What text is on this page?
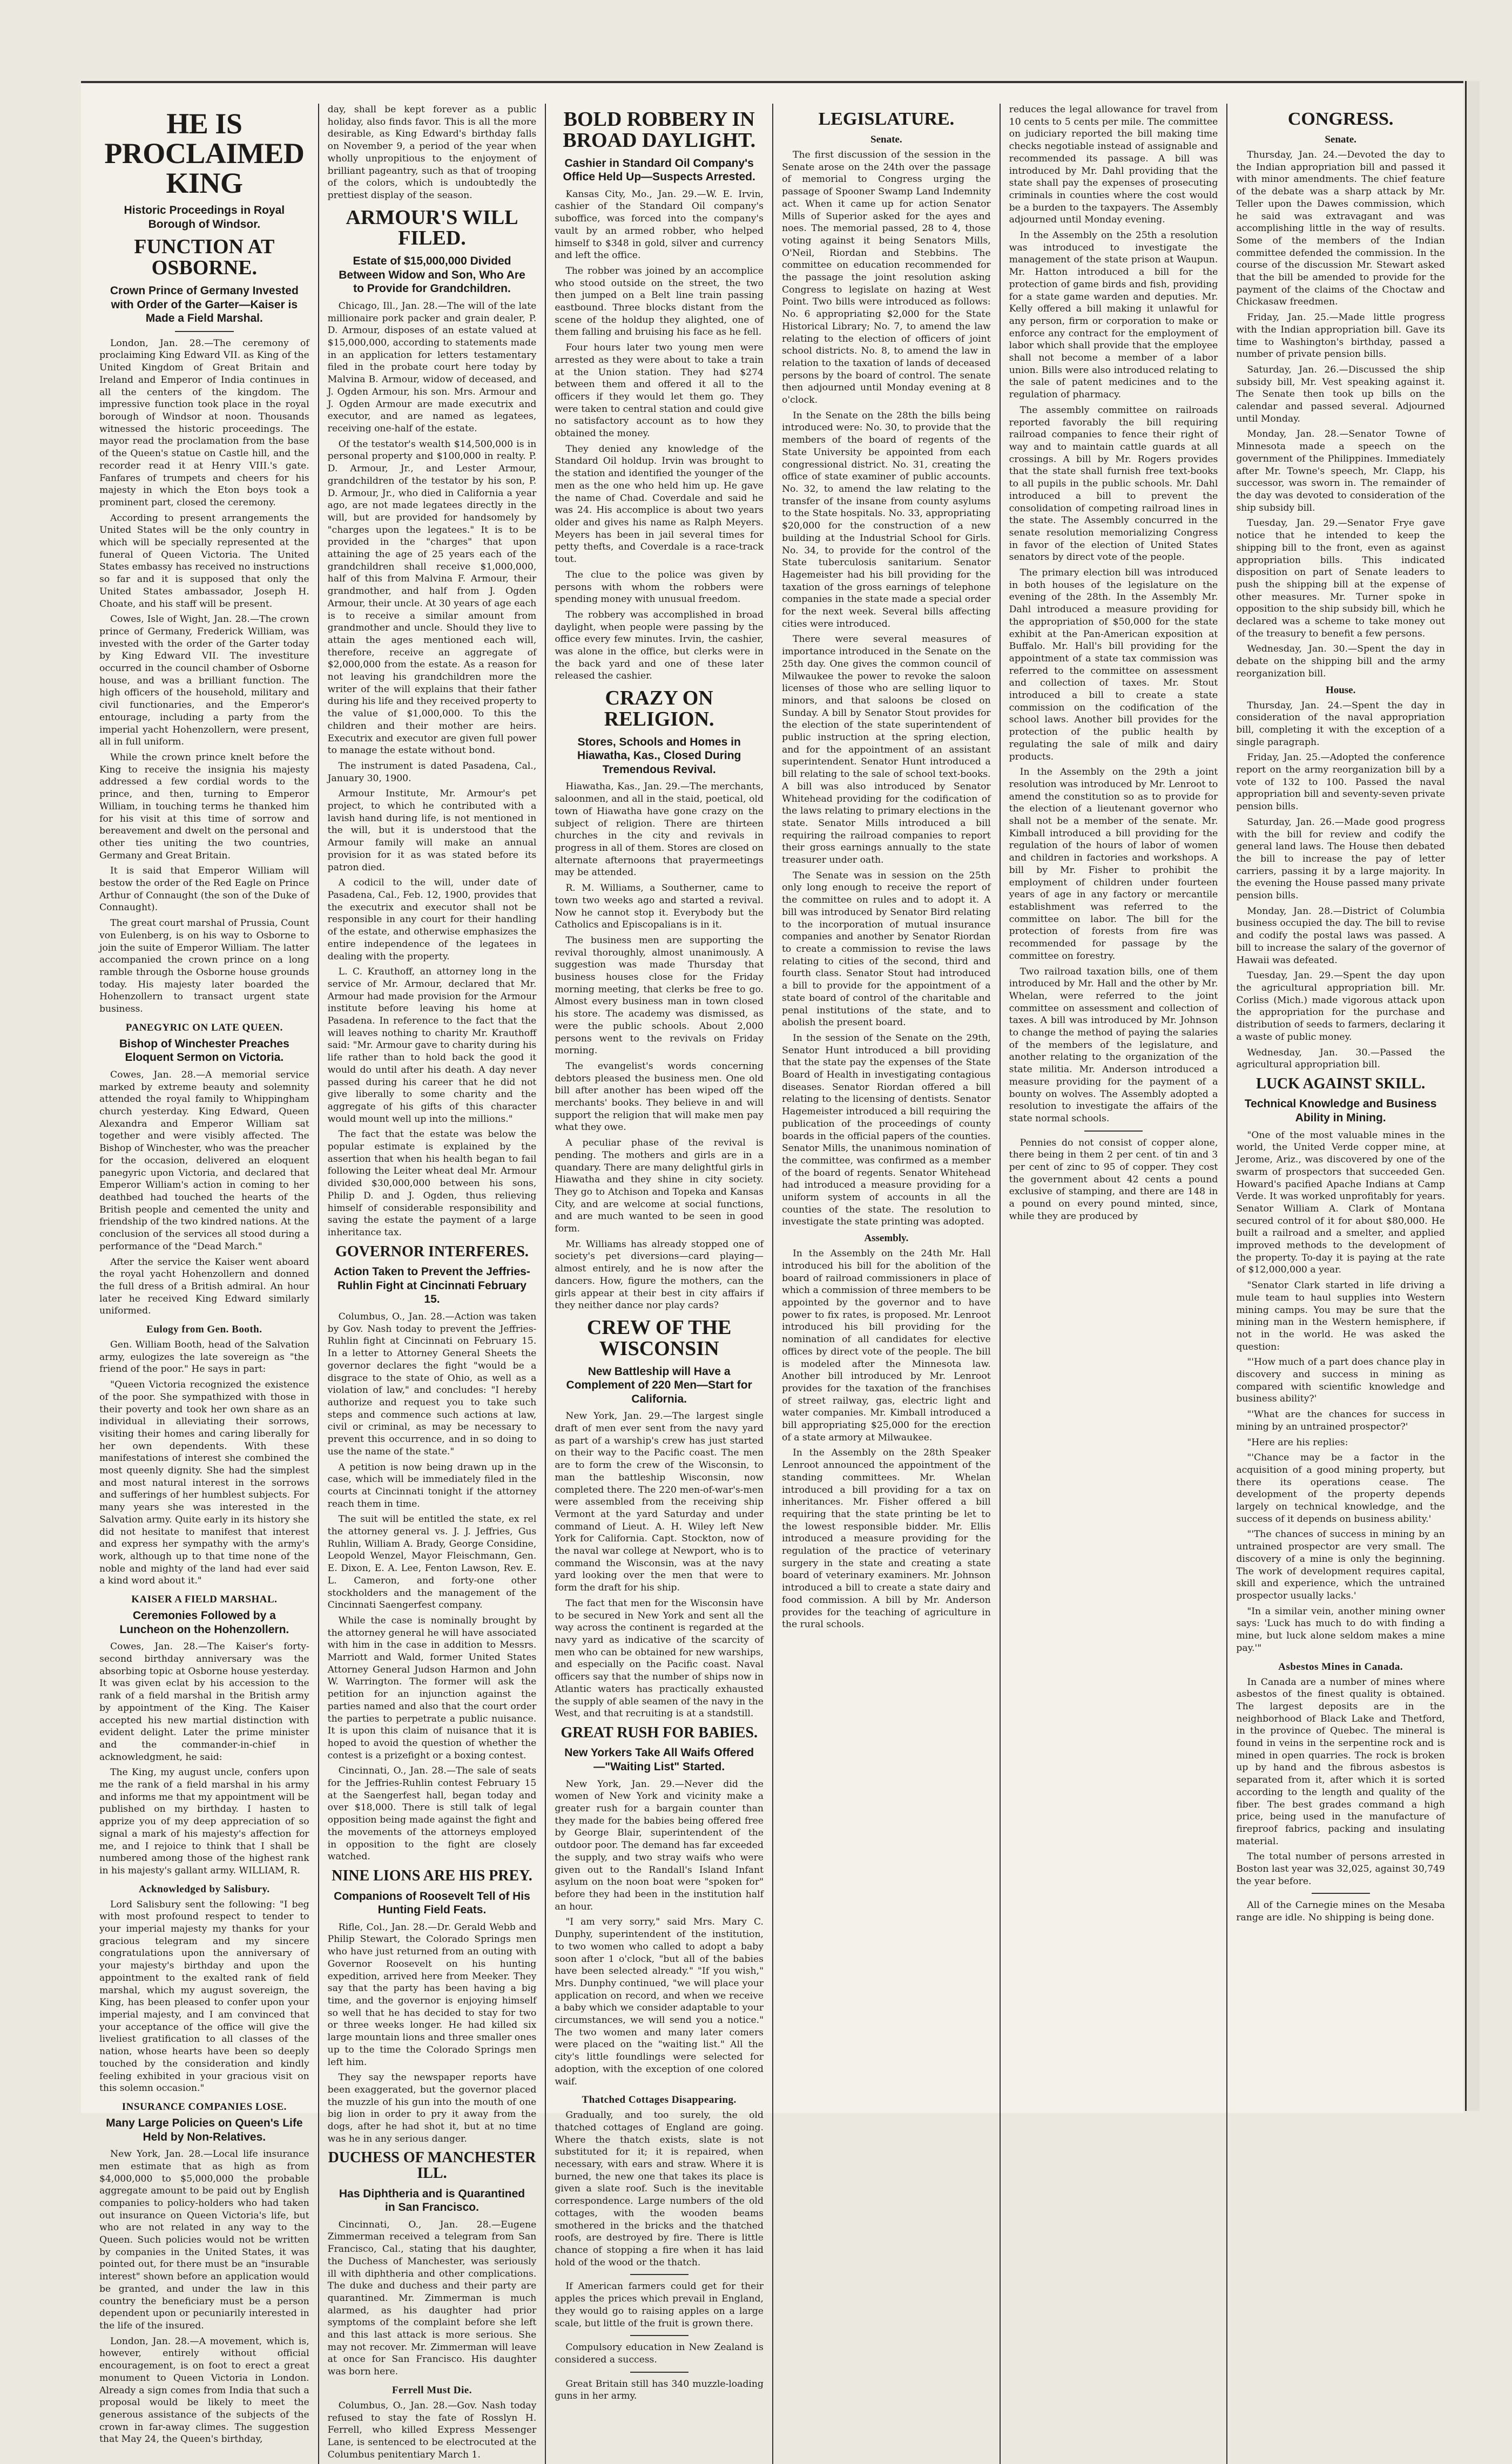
HE IS PROCLAIMED KING
Historic Proceedings in Royal Borough of Windsor.
FUNCTION AT OSBORNE.
Crown Prince of Germany Invested with Order of the Garter—Kaiser is Made a Field Marshal.

London, Jan. 28.—The ceremony of proclaiming King Edward VII. as King of the United Kingdom of Great Britain and Ireland and Emperor of India continues in all the centers of the kingdom. The impressive function took place in the royal borough of Windsor at noon. Thousands witnessed the historic proceedings. The mayor read the proclamation from the base of the Queen's statue on Castle hill, and the recorder read it at Henry VIII.'s gate. Fanfares of trumpets and cheers for his majesty in which the Eton boys took a prominent part, closed the ceremony.

According to present arrangements the United States will be the only country in which will be specially represented at the funeral of Queen Victoria. The United States embassy has received no instructions so far and it is supposed that only the United States ambassador, Joseph H. Choate, and his staff will be present.

Cowes, Isle of Wight, Jan. 28.—The crown prince of Germany, Frederick William, was invested with the order of the Garter today by King Edward VII. The investiture occurred in the council chamber of Osborne house, and was a brilliant function. The high officers of the household, military and civil functionaries, and the Emperor's entourage, including a party from the imperial yacht Hohenzollern, were present, all in full uniform.

While the crown prince knelt before the King to receive the insignia his majesty addressed a few cordial words to the prince, and then, turning to Emperor William, in touching terms he thanked him for his visit at this time of sorrow and bereavement and dwelt on the personal and other ties uniting the two countries, Germany and Great Britain.

It is said that Emperor William will bestow the order of the Red Eagle on Prince Arthur of Connaught (the son of the Duke of Connaught).

The great court marshal of Prussia, Count von Eulenberg, is on his way to Osborne to join the suite of Emperor William. The latter accompanied the crown prince on a long ramble through the Osborne house grounds today. His majesty later boarded the Hohenzollern to transact urgent state business.

PANEGYRIC ON LATE QUEEN.
Bishop of Winchester Preaches Eloquent Sermon on Victoria.

Cowes, Jan. 28.—A memorial service marked by extreme beauty and solemnity attended the royal family to Whippingham church yesterday. King Edward, Queen Alexandra and Emperor William sat together and were visibly affected. The Bishop of Winchester, who was the preacher for the occasion, delivered an eloquent panegyric upon Victoria, and declared that Emperor William's action in coming to her deathbed had touched the hearts of the British people and cemented the unity and friendship of the two kindred nations. At the conclusion of the services all stood during a performance of the "Dead March."

After the service the Kaiser went aboard the royal yacht Hohenzollern and donned the full dress of a British admiral. An hour later he received King Edward similarly uniformed.

Eulogy from Gen. Booth.

Gen. William Booth, head of the Salvation army, eulogizes the late sovereign as "the friend of the poor." He says in part:

"Queen Victoria recognized the existence of the poor. She sympathized with those in their poverty and took her own share as an individual in alleviating their sorrows, visiting their homes and caring liberally for her own dependents. With these manifestations of interest she combined the most queenly dignity. She had the simplest and most natural interest in the sorrows and sufferings of her humblest subjects. For many years she was interested in the Salvation army. Quite early in its history she did not hesitate to manifest that interest and express her sympathy with the army's work, although up to that time none of the noble and mighty of the land had ever said a kind word about it."

KAISER A FIELD MARSHAL.
Ceremonies Followed by a Luncheon on the Hohenzollern.

Cowes, Jan. 28.—The Kaiser's forty-second birthday anniversary was the absorbing topic at Osborne house yesterday. It was given eclat by his accession to the rank of a field marshal in the British army by appointment of the King. The Kaiser accepted his new martial distinction with evident delight. Later the prime minister and the commander-in-chief in acknowledgment, he said:

The King, my august uncle, confers upon me the rank of a field marshal in his army and informs me that my appointment will be published on my birthday. I hasten to apprize you of my deep appreciation of so signal a mark of his majesty's affection for me, and I rejoice to think that I shall be numbered among those of the highest rank in his majesty's gallant army. WILLIAM, R.

Acknowledged by Salisbury.

Lord Salisbury sent the following: "I beg with most profound respect to tender to your imperial majesty my thanks for your gracious telegram and my sincere congratulations upon the anniversary of your majesty's birthday and upon the appointment to the exalted rank of field marshal, which my august sovereign, the King, has been pleased to confer upon your imperial majesty, and I am convinced that your acceptance of the office will give the liveliest gratification to all classes of the nation, whose hearts have been so deeply touched by the consideration and kindly feeling exhibited in your gracious visit on this solemn occasion."

INSURANCE COMPANIES LOSE.
Many Large Policies on Queen's Life Held by Non-Relatives.

New York, Jan. 28.—Local life insurance men estimate that as high as from $4,000,000 to $5,000,000 the probable aggregate amount to be paid out by English companies to policy-holders who had taken out insurance on Queen Victoria's life, but who are not related in any way to the Queen. Such policies would not be written by companies in the United States, it was pointed out, for there must be an "insurable interest" shown before an application would be granted, and under the law in this country the beneficiary must be a person dependent upon or pecuniarily interested in the life of the insured.

London, Jan. 28.—A movement, which is, however, entirely without official encouragement, is on foot to erect a great monument to Queen Victoria in London. Already a sign comes from India that such a proposal would be likely to meet the generous assistance of the subjects of the crown in far-away climes. The suggestion that May 24, the Queen's birthday,

day, shall be kept forever as a public holiday, also finds favor. This is all the more desirable, as King Edward's birthday falls on November 9, a period of the year when wholly unpropitious to the enjoyment of brilliant pageantry, such as that of trooping of the colors, which is undoubtedly the prettiest display of the season.

ARMOUR'S WILL FILED.
Estate of $15,000,000 Divided Between Widow and Son, Who Are to Provide for Grandchildren.

Chicago, Ill., Jan. 28.—The will of the late millionaire pork packer and grain dealer, P. D. Armour, disposes of an estate valued at $15,000,000, according to statements made in an application for letters testamentary filed in the probate court here today by Malvina B. Armour, widow of deceased, and J. Ogden Armour, his son. Mrs. Armour and J. Ogden Armour are made executrix and executor, and are named as legatees, receiving one-half of the estate.

Of the testator's wealth $14,500,000 is in personal property and $100,000 in realty. P. D. Armour, Jr., and Lester Armour, grandchildren of the testator by his son, P. D. Armour, Jr., who died in California a year ago, are not made legatees directly in the will, but are provided for handsomely by "charges upon the legatees." It is to be provided in the "charges" that upon attaining the age of 25 years each of the grandchildren shall receive $1,000,000, half of this from Malvina F. Armour, their grandmother, and half from J. Ogden Armour, their uncle. At 30 years of age each is to receive a similar amount from grandmother and uncle. Should they live to attain the ages mentioned each will, therefore, receive an aggregate of $2,000,000 from the estate. As a reason for not leaving his grandchildren more the writer of the will explains that their father during his life and they received property to the value of $1,000,000. To this the children and their mother are heirs. Executrix and executor are given full power to manage the estate without bond.

The instrument is dated Pasadena, Cal., January 30, 1900.

Armour Institute, Mr. Armour's pet project, to which he contributed with a lavish hand during life, is not mentioned in the will, but it is understood that the Armour family will make an annual provision for it as was stated before its patron died.

A codicil to the will, under date of Pasadena, Cal., Feb. 12, 1900, provides that the executrix and executor shall not be responsible in any court for their handling of the estate, and otherwise emphasizes the entire independence of the legatees in dealing with the property.

L. C. Krauthoff, an attorney long in the service of Mr. Armour, declared that Mr. Armour had made provision for the Armour institute before leaving his home at Pasadena. In reference to the fact that the will leaves nothing to charity Mr. Krauthoff said: "Mr. Armour gave to charity during his life rather than to hold back the good it would do until after his death. A day never passed during his career that he did not give liberally to some charity and the aggregate of his gifts of this character would mount well up into the millions."

The fact that the estate was below the popular estimate is explained by the assertion that when his health began to fail following the Leiter wheat deal Mr. Armour divided $30,000,000 between his sons, Philip D. and J. Ogden, thus relieving himself of considerable responsibility and saving the estate the payment of a large inheritance tax.

GOVERNOR INTERFERES.
Action Taken to Prevent the Jeffries-Ruhlin Fight at Cincinnati February 15.

Columbus, O., Jan. 28.—Action was taken by Gov. Nash today to prevent the Jeffries-Ruhlin fight at Cincinnati on February 15. In a letter to Attorney General Sheets the governor declares the fight "would be a disgrace to the state of Ohio, as well as a violation of law," and concludes: "I hereby authorize and request you to take such steps and commence such actions at law, civil or criminal, as may be necessary to prevent this occurrence, and in so doing to use the name of the state."

A petition is now being drawn up in the case, which will be immediately filed in the courts at Cincinnati tonight if the attorney reach them in time.

The suit will be entitled the state, ex rel the attorney general vs. J. J. Jeffries, Gus Ruhlin, William A. Brady, George Considine, Leopold Wenzel, Mayor Fleischmann, Gen. E. Dixon, E. A. Lee, Fenton Lawson, Rev. E. L. Cameron, and forty-one other stockholders and the management of the Cincinnati Saengerfest company.

While the case is nominally brought by the attorney general he will have associated with him in the case in addition to Messrs. Marriott and Wald, former United States Attorney General Judson Harmon and John W. Warrington. The former will ask the petition for an injunction against the parties named and also that the court order the parties to perpetrate a public nuisance. It is upon this claim of nuisance that it is hoped to avoid the question of whether the contest is a prizefight or a boxing contest.

Cincinnati, O., Jan. 28.—The sale of seats for the Jeffries-Ruhlin contest February 15 at the Saengerfest hall, began today and over $18,000. There is still talk of legal opposition being made against the fight and the movements of the attorneys employed in opposition to the fight are closely watched.

NINE LIONS ARE HIS PREY.
Companions of Roosevelt Tell of His Hunting Field Feats.

Rifle, Col., Jan. 28.—Dr. Gerald Webb and Philip Stewart, the Colorado Springs men who have just returned from an outing with Governor Roosevelt on his hunting expedition, arrived here from Meeker. They say that the party has been having a big time, and the governor is enjoying himself so well that he has decided to stay for two or three weeks longer. He had killed six large mountain lions and three smaller ones up to the time the Colorado Springs men left him.

They say the newspaper reports have been exaggerated, but the governor placed the muzzle of his gun into the mouth of one big lion in order to pry it away from the dogs, after he had shot it, but at no time was he in any serious danger.

DUCHESS OF MANCHESTER ILL.
Has Diphtheria and is Quarantined in San Francisco.

Cincinnati, O., Jan. 28.—Eugene Zimmerman received a telegram from San Francisco, Cal., stating that his daughter, the Duchess of Manchester, was seriously ill with diphtheria and other complications. The duke and duchess and their party are quarantined. Mr. Zimmerman is much alarmed, as his daughter had prior symptoms of the complaint before she left and this last attack is more serious. She may not recover. Mr. Zimmerman will leave at once for San Francisco. His daughter was born here.

Ferrell Must Die.

Columbus, O., Jan. 28.—Gov. Nash today refused to stay the fate of Rosslyn H. Ferrell, who killed Express Messenger Lane, is sentenced to be electrocuted at the Columbus penitentiary March 1.

BOLD ROBBERY IN BROAD DAYLIGHT.
Cashier in Standard Oil Company's Office Held Up—Suspects Arrested.

Kansas City, Mo., Jan. 29.—W. E. Irvin, cashier of the Standard Oil company's suboffice, was forced into the company's vault by an armed robber, who helped himself to $348 in gold, silver and currency and left the office.

The robber was joined by an accomplice who stood outside on the street, the two then jumped on a Belt line train passing eastbound. Three blocks distant from the scene of the holdup they alighted, one of them falling and bruising his face as he fell.

Four hours later two young men were arrested as they were about to take a train at the Union station. They had $274 between them and offered it all to the officers if they would let them go. They were taken to central station and could give no satisfactory account as to how they obtained the money.

They denied any knowledge of the Standard Oil holdup. Irvin was brought to the station and identified the younger of the men as the one who held him up. He gave the name of Chad. Coverdale and said he was 24. His accomplice is about two years older and gives his name as Ralph Meyers. Meyers has been in jail several times for petty thefts, and Coverdale is a race-track tout.

The clue to the police was given by persons with whom the robbers were spending money with unusual freedom.

The robbery was accomplished in broad daylight, when people were passing by the office every few minutes. Irvin, the cashier, was alone in the office, but clerks were in the back yard and one of these later released the cashier.

CRAZY ON RELIGION.
Stores, Schools and Homes in Hiawatha, Kas., Closed During Tremendous Revival.

Hiawatha, Kas., Jan. 29.—The merchants, saloonmen, and all in the staid, poetical, old town of Hiawatha have gone crazy on the subject of religion. There are thirteen churches in the city and revivals in progress in all of them. Stores are closed on alternate afternoons that prayermeetings may be attended.

R. M. Williams, a Southerner, came to town two weeks ago and started a revival. Now he cannot stop it. Everybody but the Catholics and Episcopalians is in it.

The business men are supporting the revival thoroughly, almost unanimously. A suggestion was made Thursday that business houses close for the Friday morning meeting, that clerks be free to go. Almost every business man in town closed his store. The academy was dismissed, as were the public schools. About 2,000 persons went to the revivals on Friday morning.

The evangelist's words concerning debtors pleased the business men. One old bill after another has been wiped off the merchants' books. They believe in and will support the religion that will make men pay what they owe.

A peculiar phase of the revival is pending. The mothers and girls are in a quandary. There are many delightful girls in Hiawatha and they shine in city society. They go to Atchison and Topeka and Kansas City, and are welcome at social functions, and are much wanted to be seen in good form.

Mr. Williams has already stopped one of society's pet diversions—card playing—almost entirely, and he is now after the dancers. How, figure the mothers, can the girls appear at their best in city affairs if they neither dance nor play cards?

CREW OF THE WISCONSIN
New Battleship will Have a Complement of 220 Men—Start for California.

New York, Jan. 29.—The largest single draft of men ever sent from the navy yard as part of a warship's crew has just started on their way to the Pacific coast. The men are to form the crew of the Wisconsin, to man the battleship Wisconsin, now completed there. The 220 men-of-war's-men were assembled from the receiving ship Vermont at the yard Saturday and under command of Lieut. A. H. Wiley left New York for California. Capt. Stockton, now of the naval war college at Newport, who is to command the Wisconsin, was at the navy yard looking over the men that were to form the draft for his ship.

The fact that men for the Wisconsin have to be secured in New York and sent all the way across the continent is regarded at the navy yard as indicative of the scarcity of men who can be obtained for new warships, and especially on the Pacific coast. Naval officers say that the number of ships now in Atlantic waters has practically exhausted the supply of able seamen of the navy in the West, and that recruiting is at a standstill.

GREAT RUSH FOR BABIES.
New Yorkers Take All Waifs Offered —"Waiting List" Started.

New York, Jan. 29.—Never did the women of New York and vicinity make a greater rush for a bargain counter than they made for the babies being offered free by George Blair, superintendent of the outdoor poor. The demand has far exceeded the supply, and two stray waifs who were given out to the Randall's Island Infant asylum on the noon boat were "spoken for" before they had been in the institution half an hour.

"I am very sorry," said Mrs. Mary C. Dunphy, superintendent of the institution, to two women who called to adopt a baby soon after 1 o'clock, "but all of the babies have been selected already." "If you wish," Mrs. Dunphy continued, "we will place your application on record, and when we receive a baby which we consider adaptable to your circumstances, we will send you a notice." The two women and many later comers were placed on the "waiting list." All the city's little foundlings were selected for adoption, with the exception of one colored waif.

Thatched Cottages Disappearing.

Gradually, and too surely, the old thatched cottages of England are going. Where the thatch exists, slate is not substituted for it; it is repaired, when necessary, with ears and straw. Where it is burned, the new one that takes its place is given a slate roof. Such is the inevitable correspondence. Large numbers of the old cottages, with the wooden beams smothered in the bricks and the thatched roofs, are destroyed by fire. There is little chance of stopping a fire when it has laid hold of the wood or the thatch.

If American farmers could get for their apples the prices which prevail in England, they would go to raising apples on a large scale, but little of the fruit is grown there.

Compulsory education in New Zealand is considered a success.

Great Britain still has 340 muzzle-loading guns in her army.

LEGISLATURE.
Senate.

The first discussion of the session in the Senate arose on the 24th over the passage of memorial to Congress urging the passage of Spooner Swamp Land Indemnity act. When it came up for action Senator Mills of Superior asked for the ayes and noes. The memorial passed, 28 to 4, those voting against it being Senators Mills, O'Neil, Riordan and Stebbins. The committee on education recommended for the passage the joint resolution asking Congress to legislate on hazing at West Point. Two bills were introduced as follows: No. 6 appropriating $2,000 for the State Historical Library; No. 7, to amend the law relating to the election of officers of joint school districts. No. 8, to amend the law in relation to the taxation of lands of deceased persons by the board of control. The senate then adjourned until Monday evening at 8 o'clock.

In the Senate on the 28th the bills being introduced were: No. 30, to provide that the members of the board of regents of the State University be appointed from each congressional district. No. 31, creating the office of state examiner of public accounts. No. 32, to amend the law relating to the transfer of the insane from county asylums to the State hospitals. No. 33, appropriating $20,000 for the construction of a new building at the Industrial School for Girls. No. 34, to provide for the control of the State tuberculosis sanitarium. Senator Hagemeister had his bill providing for the taxation of the gross earnings of telephone companies in the state made a special order for the next week. Several bills affecting cities were introduced.

There were several measures of importance introduced in the Senate on the 25th day. One gives the common council of Milwaukee the power to revoke the saloon licenses of those who are selling liquor to minors, and that saloons be closed on Sunday. A bill by Senator Stout provides for the election of the state superintendent of public instruction at the spring election, and for the appointment of an assistant superintendent. Senator Hunt introduced a bill relating to the sale of school text-books. A bill was also introduced by Senator Whitehead providing for the codification of the laws relating to primary elections in the state. Senator Mills introduced a bill requiring the railroad companies to report their gross earnings annually to the state treasurer under oath.

The Senate was in session on the 25th only long enough to receive the report of the committee on rules and to adopt it. A bill was introduced by Senator Bird relating to the incorporation of mutual insurance companies and another by Senator Riordan to create a commission to revise the laws relating to cities of the second, third and fourth class. Senator Stout had introduced a bill to provide for the appointment of a state board of control of the charitable and penal institutions of the state, and to abolish the present board.

In the session of the Senate on the 29th, Senator Hunt introduced a bill providing that the state pay the expenses of the State Board of Health in investigating contagious diseases. Senator Riordan offered a bill relating to the licensing of dentists. Senator Hagemeister introduced a bill requiring the publication of the proceedings of county boards in the official papers of the counties. Senator Mills, the unanimous nomination of the committee, was confirmed as a member of the board of regents. Senator Whitehead had introduced a measure providing for a uniform system of accounts in all the counties of the state. The resolution to investigate the state printing was adopted.

Assembly.

In the Assembly on the 24th Mr. Hall introduced his bill for the abolition of the board of railroad commissioners in place of which a commission of three members to be appointed by the governor and to have power to fix rates, is proposed. Mr. Lenroot introduced his bill providing for the nomination of all candidates for elective offices by direct vote of the people. The bill is modeled after the Minnesota law. Another bill introduced by Mr. Lenroot provides for the taxation of the franchises of street railway, gas, electric light and water companies. Mr. Kimball introduced a bill appropriating $25,000 for the erection of a state armory at Milwaukee.

In the Assembly on the 28th Speaker Lenroot announced the appointment of the standing committees. Mr. Whelan introduced a bill providing for a tax on inheritances. Mr. Fisher offered a bill requiring that the state printing be let to the lowest responsible bidder. Mr. Ellis introduced a measure providing for the regulation of the practice of veterinary surgery in the state and creating a state board of veterinary examiners. Mr. Johnson introduced a bill to create a state dairy and food commission. A bill by Mr. Anderson provides for the teaching of agriculture in the rural schools.

reduces the legal allowance for travel from 10 cents to 5 cents per mile. The committee on judiciary reported the bill making time checks negotiable instead of assignable and recommended its passage. A bill was introduced by Mr. Dahl providing that the state shall pay the expenses of prosecuting criminals in counties where the cost would be a burden to the taxpayers. The Assembly adjourned until Monday evening.

In the Assembly on the 25th a resolution was introduced to investigate the management of the state prison at Waupun. Mr. Hatton introduced a bill for the protection of game birds and fish, providing for a state game warden and deputies. Mr. Kelly offered a bill making it unlawful for any person, firm or corporation to make or enforce any contract for the employment of labor which shall provide that the employee shall not become a member of a labor union. Bills were also introduced relating to the sale of patent medicines and to the regulation of pharmacy.

The assembly committee on railroads reported favorably the bill requiring railroad companies to fence their right of way and to maintain cattle guards at all crossings. A bill by Mr. Rogers provides that the state shall furnish free text-books to all pupils in the public schools. Mr. Dahl introduced a bill to prevent the consolidation of competing railroad lines in the state. The Assembly concurred in the senate resolution memorializing Congress in favor of the election of United States senators by direct vote of the people.

The primary election bill was introduced in both houses of the legislature on the evening of the 28th. In the Assembly Mr. Dahl introduced a measure providing for the appropriation of $50,000 for the state exhibit at the Pan-American exposition at Buffalo. Mr. Hall's bill providing for the appointment of a state tax commission was referred to the committee on assessment and collection of taxes. Mr. Stout introduced a bill to create a state commission on the codification of the school laws. Another bill provides for the protection of the public health by regulating the sale of milk and dairy products.

In the Assembly on the 29th a joint resolution was introduced by Mr. Lenroot to amend the constitution so as to provide for the election of a lieutenant governor who shall not be a member of the senate. Mr. Kimball introduced a bill providing for the regulation of the hours of labor of women and children in factories and workshops. A bill by Mr. Fisher to prohibit the employment of children under fourteen years of age in any factory or mercantile establishment was referred to the committee on labor. The bill for the protection of forests from fire was recommended for passage by the committee on forestry.

Two railroad taxation bills, one of them introduced by Mr. Hall and the other by Mr. Whelan, were referred to the joint committee on assessment and collection of taxes. A bill was introduced by Mr. Johnson to change the method of paying the salaries of the members of the legislature, and another relating to the organization of the state militia. Mr. Anderson introduced a measure providing for the payment of a bounty on wolves. The Assembly adopted a resolution to investigate the affairs of the state normal schools.

Pennies do not consist of copper alone, there being in them 2 per cent. of tin and 3 per cent of zinc to 95 of copper. They cost the government about 42 cents a pound exclusive of stamping, and there are 148 in a pound on every pound minted, since, while they are produced by

CONGRESS.
Senate.

Thursday, Jan. 24.—Devoted the day to the Indian appropriation bill and passed it with minor amendments. The chief feature of the debate was a sharp attack by Mr. Teller upon the Dawes commission, which he said was extravagant and was accomplishing little in the way of results. Some of the members of the Indian committee defended the commission. In the course of the discussion Mr. Stewart asked that the bill be amended to provide for the payment of the claims of the Choctaw and Chickasaw freedmen.

Friday, Jan. 25.—Made little progress with the Indian appropriation bill. Gave its time to Washington's birthday, passed a number of private pension bills.

Saturday, Jan. 26.—Discussed the ship subsidy bill, Mr. Vest speaking against it. The Senate then took up bills on the calendar and passed several. Adjourned until Monday.

Monday, Jan. 28.—Senator Towne of Minnesota made a speech on the government of the Philippines. Immediately after Mr. Towne's speech, Mr. Clapp, his successor, was sworn in. The remainder of the day was devoted to consideration of the ship subsidy bill.

Tuesday, Jan. 29.—Senator Frye gave notice that he intended to keep the shipping bill to the front, even as against appropriation bills. This indicated disposition on part of Senate leaders to push the shipping bill at the expense of other measures. Mr. Turner spoke in opposition to the ship subsidy bill, which he declared was a scheme to take money out of the treasury to benefit a few persons.

Wednesday, Jan. 30.—Spent the day in debate on the shipping bill and the army reorganization bill.

House.

Thursday, Jan. 24.—Spent the day in consideration of the naval appropriation bill, completing it with the exception of a single paragraph.

Friday, Jan. 25.—Adopted the conference report on the army reorganization bill by a vote of 132 to 100. Passed the naval appropriation bill and seventy-seven private pension bills.

Saturday, Jan. 26.—Made good progress with the bill for review and codify the general land laws. The House then debated the bill to increase the pay of letter carriers, passing it by a large majority. In the evening the House passed many private pension bills.

Monday, Jan. 28.—District of Columbia business occupied the day. The bill to revise and codify the postal laws was passed. A bill to increase the salary of the governor of Hawaii was defeated.

Tuesday, Jan. 29.—Spent the day upon the agricultural appropriation bill. Mr. Corliss (Mich.) made vigorous attack upon the appropriation for the purchase and distribution of seeds to farmers, declaring it a waste of public money.

Wednesday, Jan. 30.—Passed the agricultural appropriation bill.

LUCK AGAINST SKILL.
Technical Knowledge and Business Ability in Mining.

"One of the most valuable mines in the world, the United Verde copper mine, at Jerome, Ariz., was discovered by one of the swarm of prospectors that succeeded Gen. Howard's pacified Apache Indians at Camp Verde. It was worked unprofitably for years. Senator William A. Clark of Montana secured control of it for about $80,000. He built a railroad and a smelter, and applied improved methods to the development of the property. To-day it is paying at the rate of $12,000,000 a year.

"Senator Clark started in life driving a mule team to haul supplies into Western mining camps. You may be sure that the mining man in the Western hemisphere, if not in the world. He was asked the question:

"'How much of a part does chance play in discovery and success in mining as compared with scientific knowledge and business ability?'

"'What are the chances for success in mining by an untrained prospector?'

"Here are his replies:

"'Chance may be a factor in the acquisition of a good mining property, but there its operations cease. The development of the property depends largely on technical knowledge, and the success of it depends on business ability.'

"'The chances of success in mining by an untrained prospector are very small. The discovery of a mine is only the beginning. The work of development requires capital, skill and experience, which the untrained prospector usually lacks.'

"In a similar vein, another mining owner says: 'Luck has much to do with finding a mine, but luck alone seldom makes a mine pay.'"

Asbestos Mines in Canada.

In Canada are a number of mines where asbestos of the finest quality is obtained. The largest deposits are in the neighborhood of Black Lake and Thetford, in the province of Quebec. The mineral is found in veins in the serpentine rock and is mined in open quarries. The rock is broken up by hand and the fibrous asbestos is separated from it, after which it is sorted according to the length and quality of the fiber. The best grades command a high price, being used in the manufacture of fireproof fabrics, packing and insulating material.

The total number of persons arrested in Boston last year was 32,025, against 30,749 the year before.

All of the Carnegie mines on the Mesaba range are idle. No shipping is being done.
